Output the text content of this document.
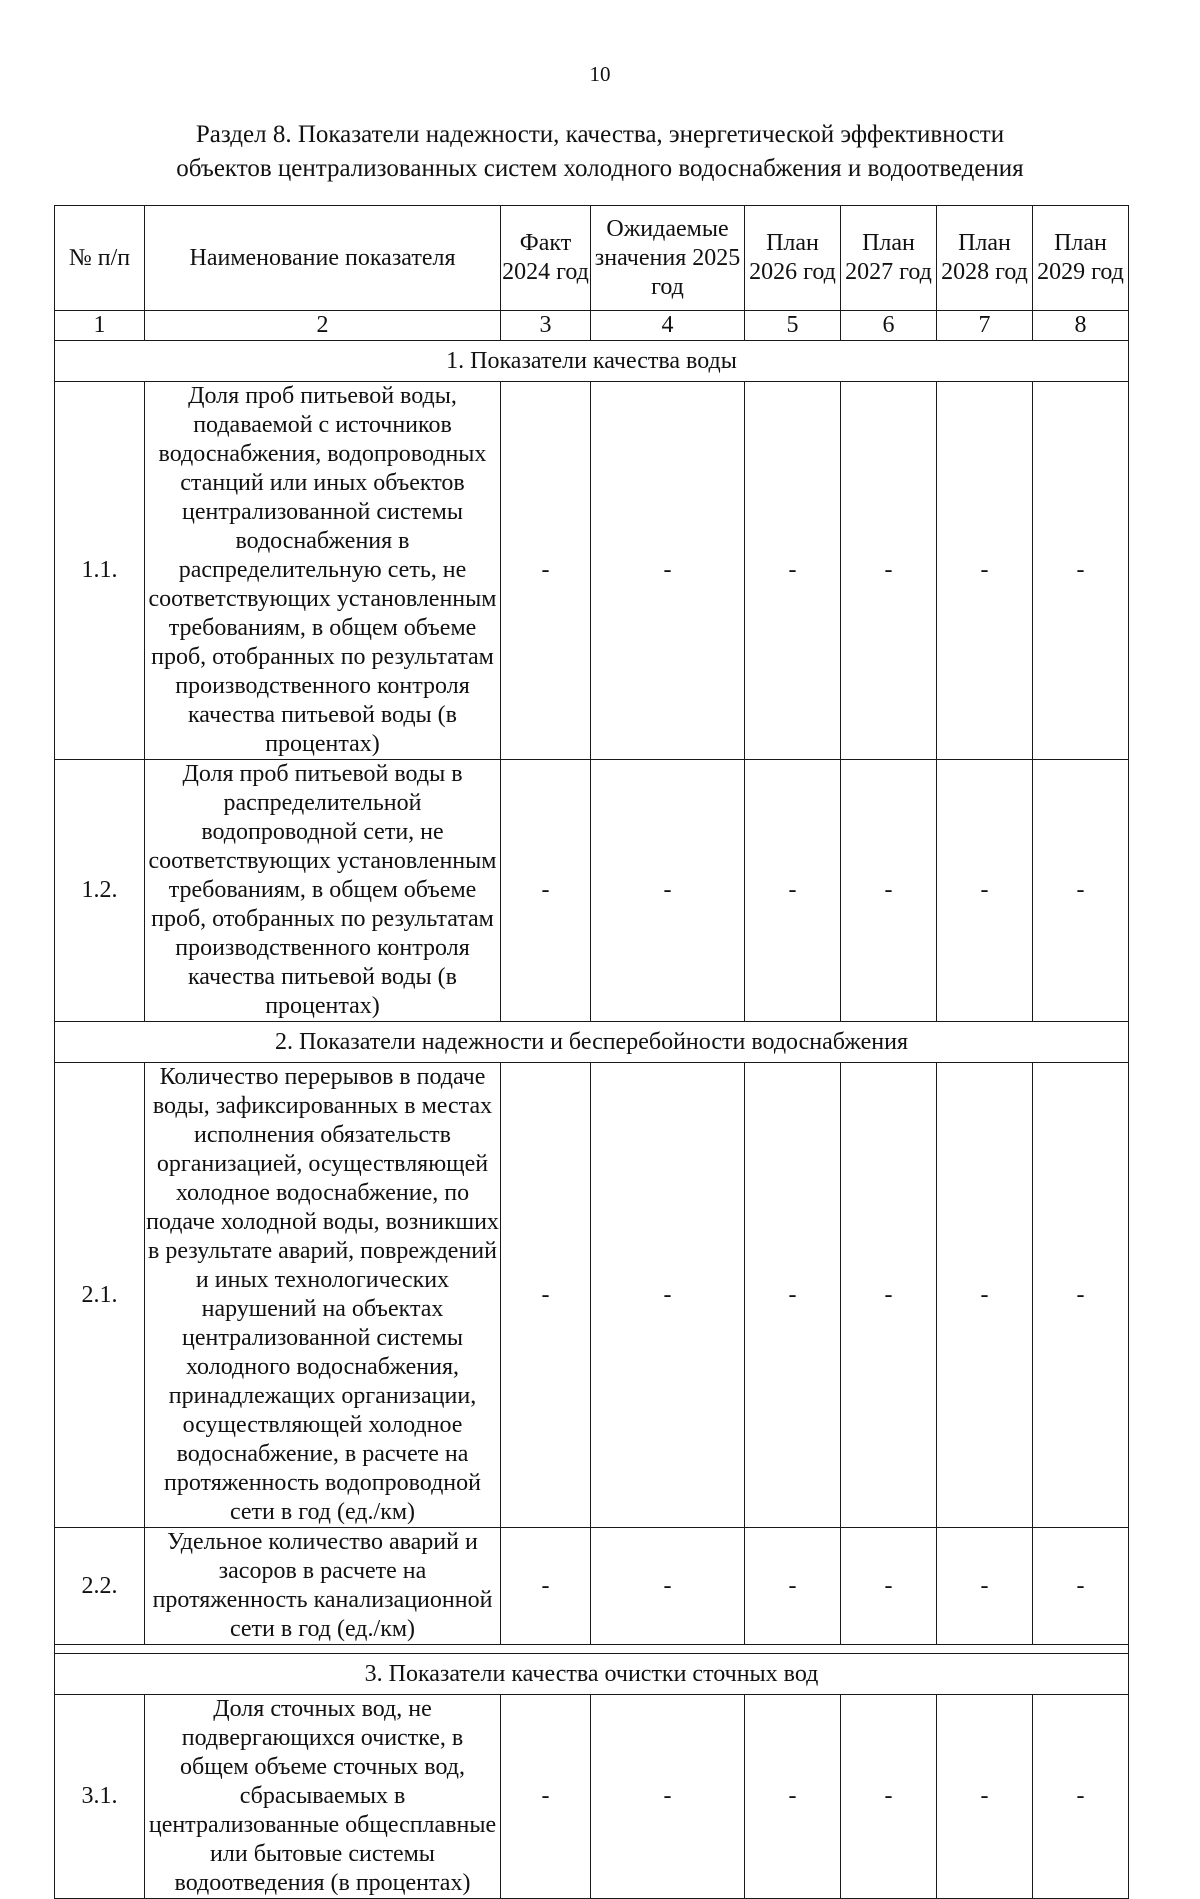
10
Раздел 8. Показатели надежности, качества, энергетической эффективности
объектов централизованных систем холодного водоснабжения и водоотведения
№ п/п	Наименование показателя	Факт 2024 год	Ожидаемые значения 2025 год	План 2026 год	План 2027 год	План 2028 год	План 2029 год
1	2	3	4	5	6	7	8
1. Показатели качества воды							
1.1.	Доля проб питьевой воды, подаваемой с источников водоснабжения, водопроводных станций или иных объектов централизованной системы водоснабжения в распределительную сеть, не соответствующих установленным требованиям, в общем объеме проб, отобранных по результатам производственного контроля качества питьевой воды (в процентах)	-	-	-	-	-	-
1.2.	Доля проб питьевой воды в распределительной водопроводной сети, не соответствующих установленным требованиям, в общем объеме проб, отобранных по результатам производственного контроля качества питьевой воды (в процентах)	-	-	-	-	-	-
2. Показатели надежности и бесперебойности водоснабжения							
2.1.	Количество перерывов в подаче воды, зафиксированных в местах исполнения обязательств организацией, осуществляющей холодное водоснабжение, по подаче холодной воды, возникших в результате аварий, повреждений и иных технологических нарушений на объектах централизованной системы холодного водоснабжения, принадлежащих организации, осуществляющей холодное водоснабжение, в расчете на протяженность водопроводной сети в год (ед./км)	-	-	-	-	-	-
2.2.	Удельное количество аварий и засоров в расчете на протяженность канализационной сети в год (ед./км)	-	-	-	-	-	-

3. Показатели качества очистки сточных вод							
3.1.	Доля сточных вод, не подвергающихся очистке, в общем объеме сточных вод, сбрасываемых в централизованные общесплавные или бытовые системы водоотведения (в процентах)	-	-	-	-	-	-
